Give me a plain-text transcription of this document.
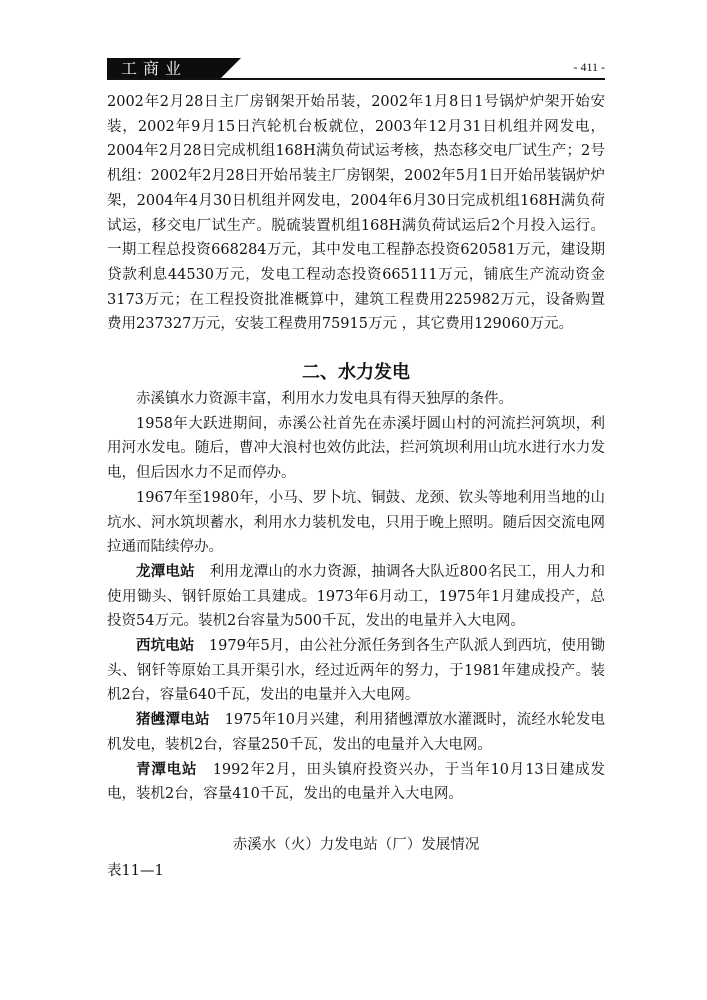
工商业	- 411 -

2002年2月28日主厂房钢架开始吊装，2002年1月8日1号锅炉炉架开始安装，2002年9月15日汽轮机台板就位，2003年12月31日机组并网发电，2004年2月28日完成机组168H满负荷试运考核，热态移交电厂试生产；2号机组：2002年2月28日开始吊装主厂房钢架，2002年5月1日开始吊装锅炉炉架，2004年4月30日机组并网发电，2004年6月30日完成机组168H满负荷试运，移交电厂试生产。脱硫装置机组168H满负荷试运后2个月投入运行。一期工程总投资668284万元，其中发电工程静态投资620581万元，建设期贷款利息44530万元，发电工程动态投资665111万元，铺底生产流动资金3173万元；在工程投资批准概算中，建筑工程费用225982万元，设备购置费用237327万元，安装工程费用75915万元 ，其它费用129060万元。

二、水力发电

赤溪镇水力资源丰富，利用水力发电具有得天独厚的条件。

1958年大跃进期间，赤溪公社首先在赤溪圩圆山村的河流拦河筑坝，利用河水发电。随后，曹冲大浪村也效仿此法，拦河筑坝利用山坑水进行水力发电，但后因水力不足而停办。

1967年至1980年，小马、罗卜坑、铜鼓、龙颈、钦头等地利用当地的山坑水、河水筑坝蓄水，利用水力装机发电，只用于晚上照明。随后因交流电网拉通而陆续停办。

龙潭电站　 利用龙潭山的水力资源，抽调各大队近800名民工，用人力和使用锄头、钢钎原始工具建成。1973年6月动工，1975年1月建成投产，总投资54万元。装机2台容量为500千瓦，发出的电量并入大电网。

西坑电站　 1979年5月，由公社分派任务到各生产队派人到西坑，使用锄头、钢钎等原始工具开渠引水，经过近两年的努力，于1981年建成投产。装机2台，容量640千瓦，发出的电量并入大电网。

猪乸潭电站　 1975年10月兴建，利用猪乸潭放水灌溉时，流经水轮发电机发电，装机2台，容量250千瓦，发出的电量并入大电网。

青潭电站　 1992年2月，田头镇府投资兴办，于当年10月13日建成发电，装机2台，容量410千瓦，发出的电量并入大电网。

赤溪水（火）力发电站（厂）发展情况

表11—1
